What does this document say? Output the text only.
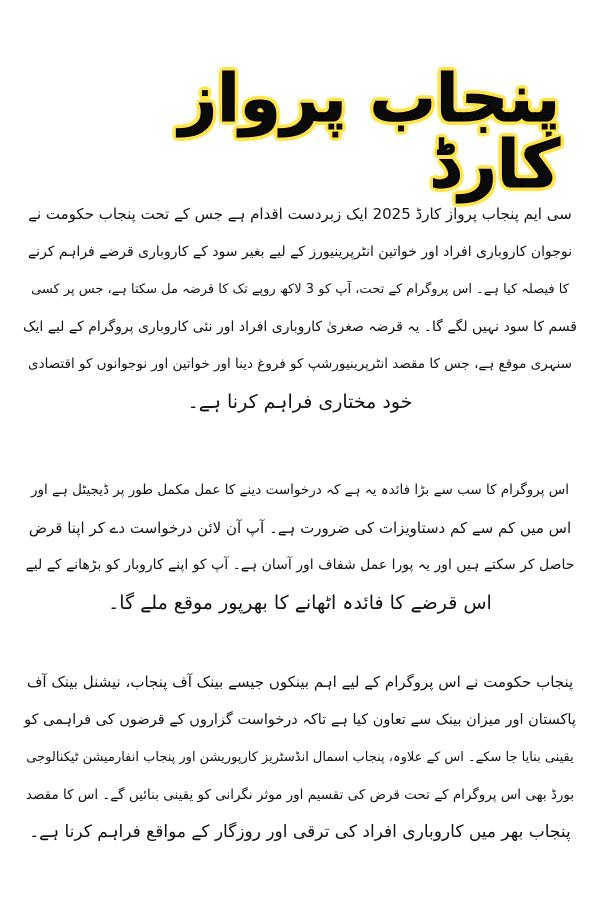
پنجاب پرواز کارڈ
سی ایم پنجاب پرواز کارڈ 2025 ایک زبردست اقدام ہے جس کے تحت پنجاب حکومت نے
نوجوان کاروباری افراد اور خواتین انٹرپرینیورز کے لیے بغیر سود کے کاروباری قرضے فراہم کرنے
کا فیصلہ کیا ہے۔ اس پروگرام کے تحت، آپ کو 3 لاکھ روپے تک کا قرضہ مل سکتا ہے، جس پر کسی
قسم کا سود نہیں لگے گا۔ یہ قرضہ صغریٰ کاروباری افراد اور نئی کاروباری پروگرام کے لیے ایک
سنہری موقع ہے، جس کا مقصد انٹرپرینیورشپ کو فروغ دینا اور خواتین اور نوجوانوں کو اقتصادی
خود مختاری فراہم کرنا ہے۔
اس پروگرام کا سب سے بڑا فائدہ یہ ہے کہ درخواست دینے کا عمل مکمل طور پر ڈیجیٹل ہے اور
اس میں کم سے کم دستاویزات کی ضرورت ہے۔ آپ آن لائن درخواست دے کر اپنا قرض
حاصل کر سکتے ہیں اور یہ پورا عمل شفاف اور آسان ہے۔ آپ کو اپنے کاروبار کو بڑھانے کے لیے
اس قرضے کا فائدہ اٹھانے کا بھرپور موقع ملے گا۔
پنجاب حکومت نے اس پروگرام کے لیے اہم بینکوں جیسے بینک آف پنجاب، نیشنل بینک آف
پاکستان اور میزان بینک سے تعاون کیا ہے تاکہ درخواست گزاروں کے قرضوں کی فراہمی کو
یقینی بنایا جا سکے۔ اس کے علاوہ، پنجاب اسمال انڈسٹریز کارپوریشن اور پنجاب انفارمیشن ٹیکنالوجی
بورڈ بھی اس پروگرام کے تحت قرض کی تقسیم اور موثر نگرانی کو یقینی بنائیں گے۔ اس کا مقصد
پنجاب بھر میں کاروباری افراد کی ترقی اور روزگار کے مواقع فراہم کرنا ہے۔
